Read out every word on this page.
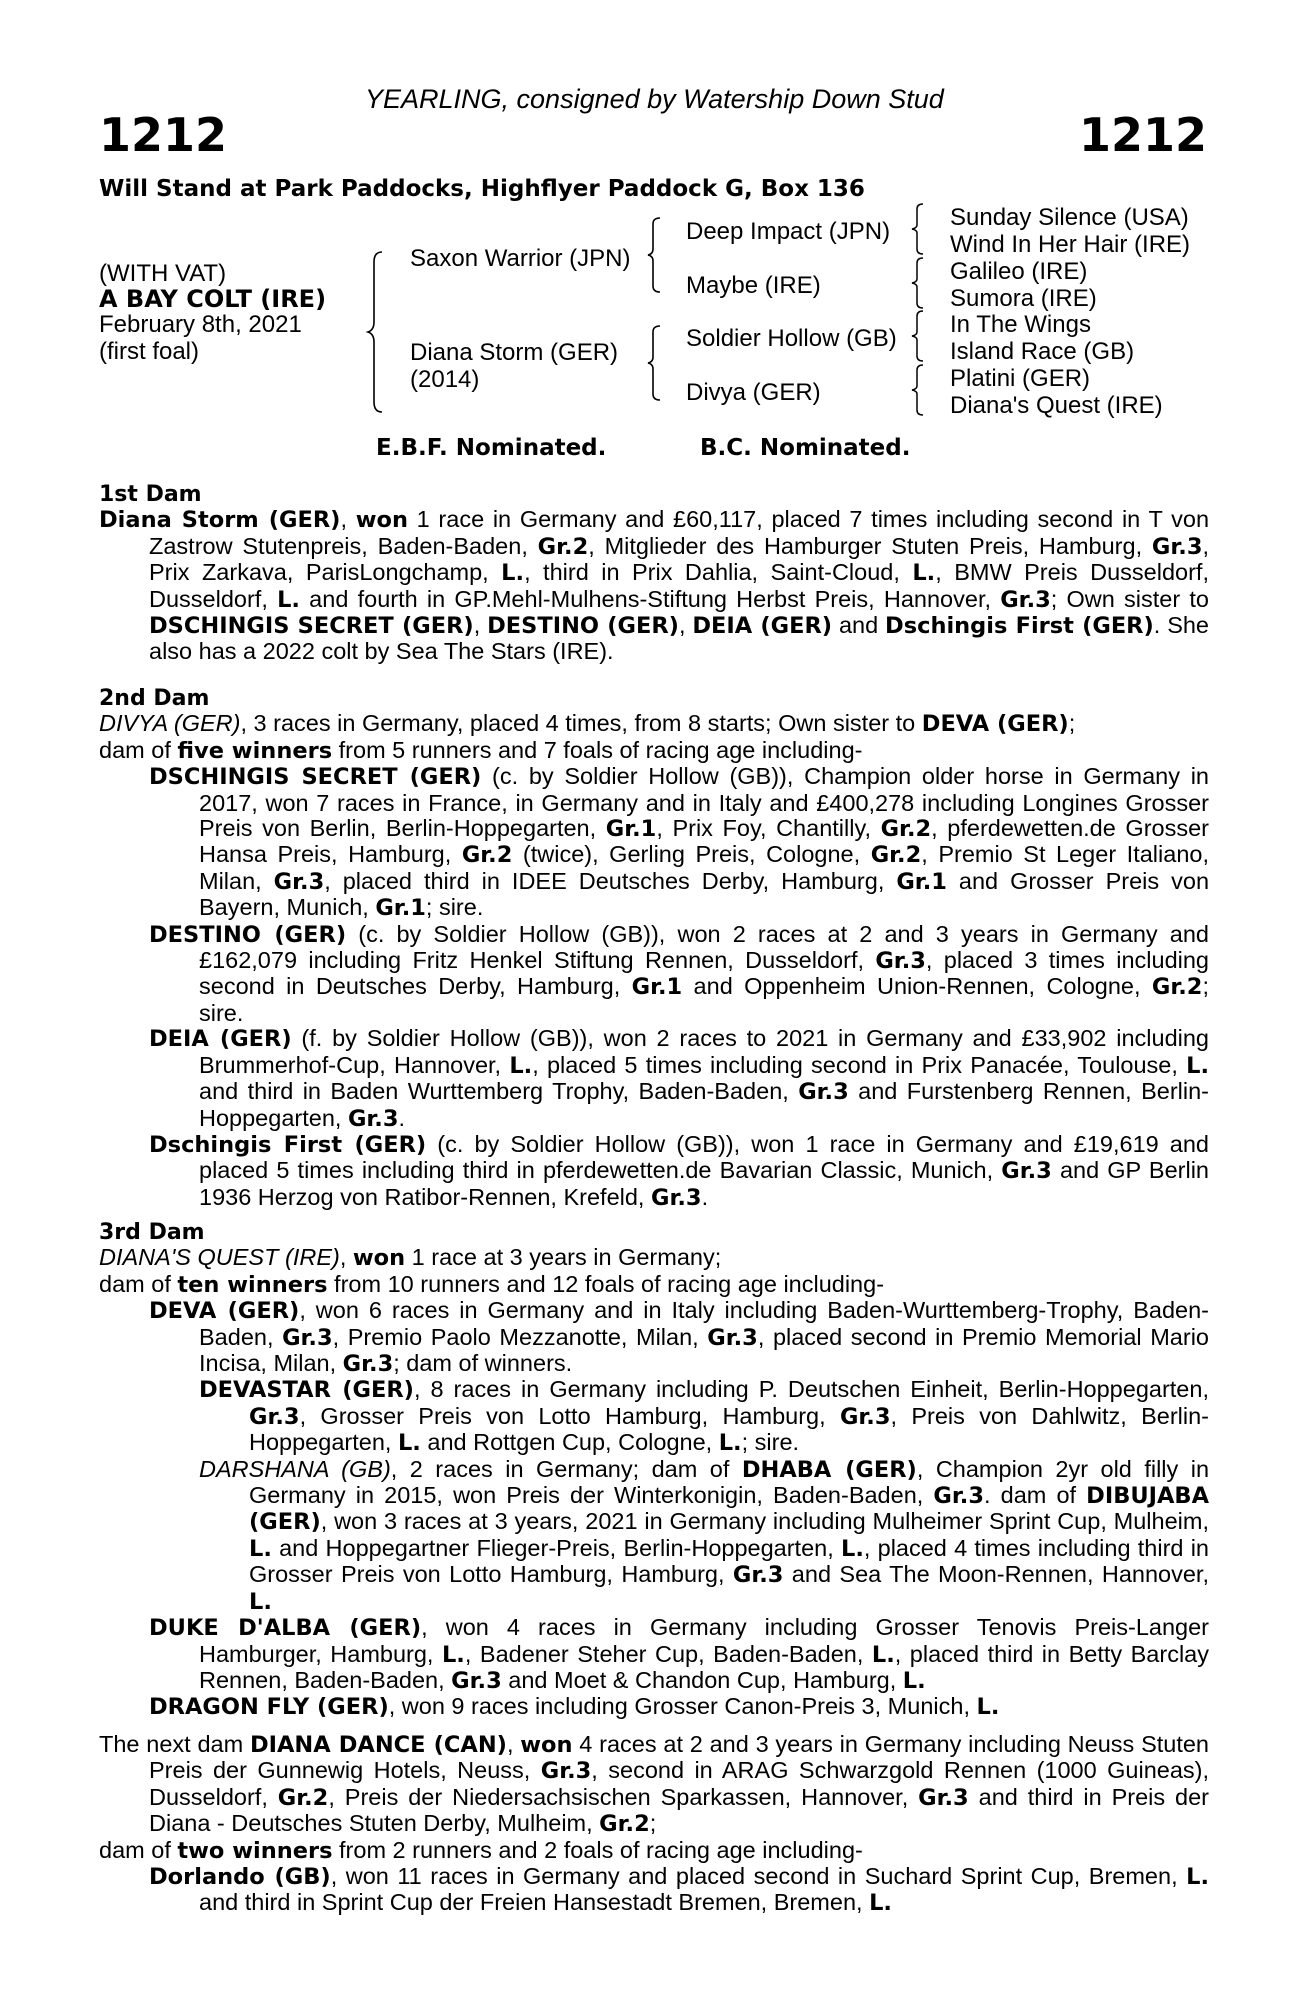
YEARLING, consigned by Watership Down Stud
1212	1212
Will Stand at Park Paddocks, Highflyer Paddock G, Box 136
(WITH VAT)
A BAY COLT (IRE)
February 8th, 2021
(first foal)
Saxon Warrior (JPN)
Diana Storm (GER)
(2014)
Deep Impact (JPN)
Maybe (IRE)
Soldier Hollow (GB)
Divya (GER)
Sunday Silence (USA)
Wind In Her Hair (IRE)
Galileo (IRE)
Sumora (IRE)
In The Wings
Island Race (GB)
Platini (GER)
Diana's Quest (IRE)
E.B.F. Nominated.	B.C. Nominated.
1st Dam

Diana Storm (GER), won 1 race in Germany and £60,117, placed 7 times including second in T von Zastrow Stutenpreis, Baden-Baden, Gr.2, Mitglieder des Hamburger Stuten Preis, Hamburg, Gr.3, Prix Zarkava, ParisLongchamp, L., third in Prix Dahlia, Saint-Cloud, L., BMW Preis Dusseldorf, Dusseldorf, L. and fourth in GP.Mehl-Mulhens-Stiftung Herbst Preis, Hannover, Gr.3; Own sister to DSCHINGIS SECRET (GER), DESTINO (GER), DEIA (GER) and Dschingis First (GER). She also has a 2022 colt by Sea The Stars (IRE).

2nd Dam

DIVYA (GER), 3 races in Germany, placed 4 times, from 8 starts; Own sister to DEVA (GER);

dam of five winners from 5 runners and 7 foals of racing age including-

DSCHINGIS SECRET (GER) (c. by Soldier Hollow (GB)), Champion older horse in Germany in 2017, won 7 races in France, in Germany and in Italy and £400,278 including Longines Grosser Preis von Berlin, Berlin-Hoppegarten, Gr.1, Prix Foy, Chantilly, Gr.2, pferdewetten.de Grosser Hansa Preis, Hamburg, Gr.2 (twice), Gerling Preis, Cologne, Gr.2, Premio St Leger Italiano, Milan, Gr.3, placed third in IDEE Deutsches Derby, Hamburg, Gr.1 and Grosser Preis von Bayern, Munich, Gr.1; sire.

DESTINO (GER) (c. by Soldier Hollow (GB)), won 2 races at 2 and 3 years in Germany and £162,079 including Fritz Henkel Stiftung Rennen, Dusseldorf, Gr.3, placed 3 times including second in Deutsches Derby, Hamburg, Gr.1 and Oppenheim Union-Rennen, Cologne, Gr.2; sire.

DEIA (GER) (f. by Soldier Hollow (GB)), won 2 races to 2021 in Germany and £33,902 including Brummerhof-Cup, Hannover, L., placed 5 times including second in Prix Panacée, Toulouse, L. and third in Baden Wurttemberg Trophy, Baden-Baden, Gr.3 and Furstenberg Rennen, Berlin-Hoppegarten, Gr.3.

Dschingis First (GER) (c. by Soldier Hollow (GB)), won 1 race in Germany and £19,619 and placed 5 times including third in pferdewetten.de Bavarian Classic, Munich, Gr.3 and GP Berlin 1936 Herzog von Ratibor-Rennen, Krefeld, Gr.3.

3rd Dam

DIANA'S QUEST (IRE), won 1 race at 3 years in Germany;

dam of ten winners from 10 runners and 12 foals of racing age including-

DEVA (GER), won 6 races in Germany and in Italy including Baden-Wurttemberg-Trophy, Baden-Baden, Gr.3, Premio Paolo Mezzanotte, Milan, Gr.3, placed second in Premio Memorial Mario Incisa, Milan, Gr.3; dam of winners.

DEVASTAR (GER), 8 races in Germany including P. Deutschen Einheit, Berlin-Hoppegarten, Gr.3, Grosser Preis von Lotto Hamburg, Hamburg, Gr.3, Preis von Dahlwitz, Berlin-Hoppegarten, L. and Rottgen Cup, Cologne, L.; sire.

DARSHANA (GB), 2 races in Germany; dam of DHABA (GER), Champion 2yr old filly in Germany in 2015, won Preis der Winterkonigin, Baden-Baden, Gr.3. dam of DIBUJABA (GER), won 3 races at 3 years, 2021 in Germany including Mulheimer Sprint Cup, Mulheim, L. and Hoppegartner Flieger-Preis, Berlin-Hoppegarten, L., placed 4 times including third in Grosser Preis von Lotto Hamburg, Hamburg, Gr.3 and Sea The Moon-Rennen, Hannover, L.

DUKE D'ALBA (GER), won 4 races in Germany including Grosser Tenovis Preis-Langer Hamburger, Hamburg, L., Badener Steher Cup, Baden-Baden, L., placed third in Betty Barclay Rennen, Baden-Baden, Gr.3 and Moet & Chandon Cup, Hamburg, L.

DRAGON FLY (GER), won 9 races including Grosser Canon-Preis 3, Munich, L.

The next dam DIANA DANCE (CAN), won 4 races at 2 and 3 years in Germany including Neuss Stuten Preis der Gunnewig Hotels, Neuss, Gr.3, second in ARAG Schwarzgold Rennen (1000 Guineas), Dusseldorf, Gr.2, Preis der Niedersachsischen Sparkassen, Hannover, Gr.3 and third in Preis der Diana - Deutsches Stuten Derby, Mulheim, Gr.2;

dam of two winners from 2 runners and 2 foals of racing age including-

Dorlando (GB), won 11 races in Germany and placed second in Suchard Sprint Cup, Bremen, L. and third in Sprint Cup der Freien Hansestadt Bremen, Bremen, L.
